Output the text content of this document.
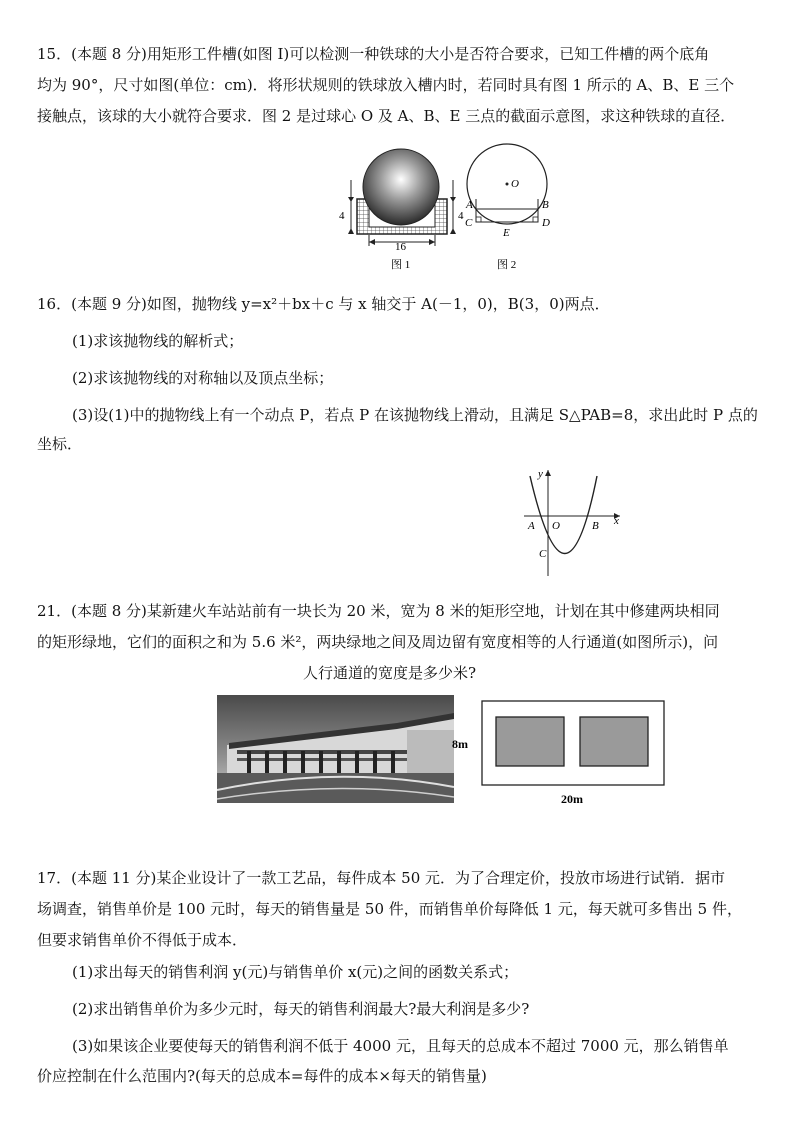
15．(本题 8 分)用矩形工件槽(如图 I)可以检测一种铁球的大小是否符合要求，已知工件槽的两个底角
均为 90°，尺寸如图(单位：cm)．将形状规则的铁球放入槽内时，若同时具有图 1 所示的 A、B、E 三个
接触点，该球的大小就符合要求．图 2 是过球心 O 及 A、B、E 三点的截面示意图，求这种铁球的直径．
4	4
16
图 1
O
A	B
C	D
E
图 2
16．(本题 9 分)如图，抛物线 y=x²＋bx＋c 与 x 轴交于 A(－1，0)，B(3，0)两点．
(1)求该抛物线的解析式；
(2)求该抛物线的对称轴以及顶点坐标；
(3)设(1)中的抛物线上有一个动点 P，若点 P 在该抛物线上滑动，且满足 S△PAB=8，求出此时 P 点的
坐标．
y
x
A O	B
C
21．(本题 8 分)某新建火车站站前有一块长为 20 米，宽为 8 米的矩形空地，计划在其中修建两块相同
的矩形绿地，它们的面积之和为 5.6 米²，两块绿地之间及周边留有宽度相等的人行通道(如图所示)，问
人行通道的宽度是多少米?
8m
20m
17．(本题 11 分)某企业设计了一款工艺品，每件成本 50 元．为了合理定价，投放市场进行试销．据市
场调查，销售单价是 100 元时，每天的销售量是 50 件，而销售单价每降低 1 元，每天就可多售出 5 件，
但要求销售单价不得低于成本．
(1)求出每天的销售利润 y(元)与销售单价 x(元)之间的函数关系式；
(2)求出销售单价为多少元时，每天的销售利润最大?最大利润是多少?
(3)如果该企业要使每天的销售利润不低于 4000 元，且每天的总成本不超过 7000 元，那么销售单
价应控制在什么范围内?(每天的总成本=每件的成本×每天的销售量)
